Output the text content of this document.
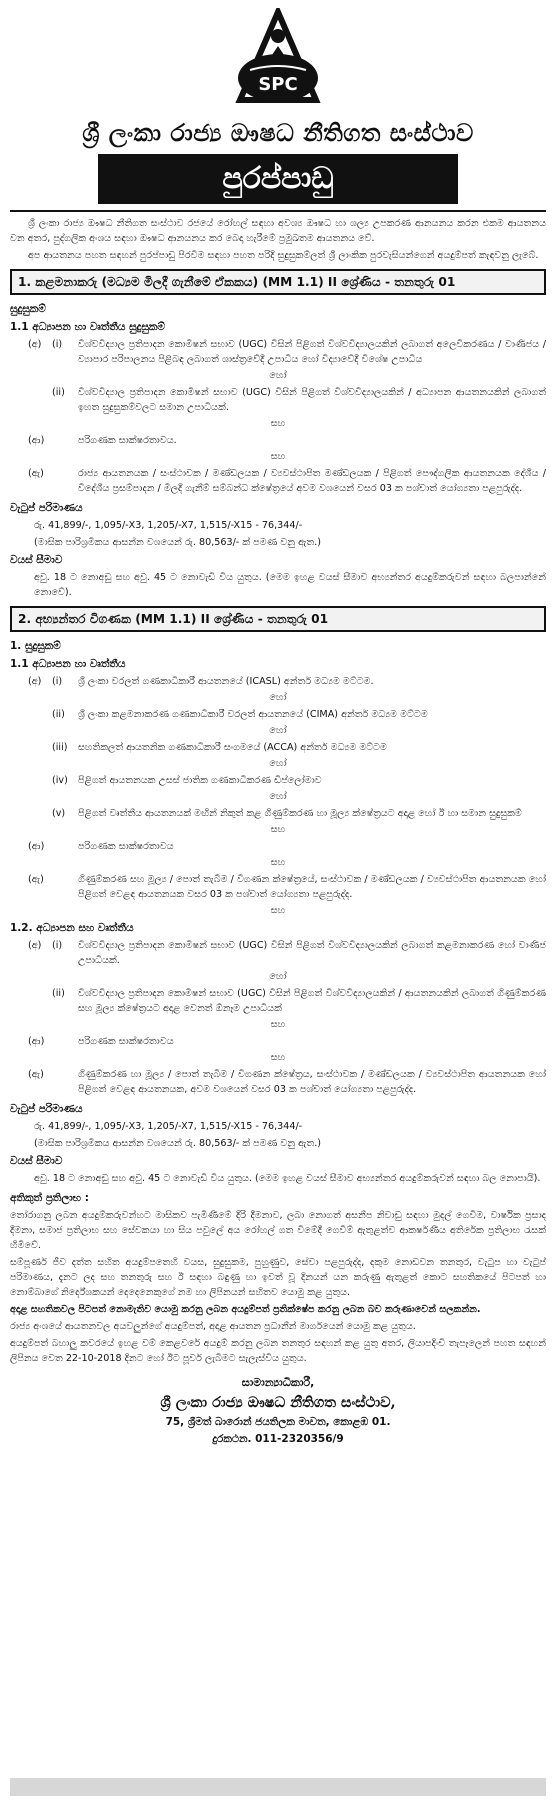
SPC
ශ්‍රී ලංකා රාජ්‍ය ඖෂධ නීතිගත සංස්ථාව
පුරප්පාඩු

ශ්‍රී ලංකා රාජ්‍ය ඖෂධ නීතිගත සංස්ථාව රජයේ රෝහල් සඳහා අවශ්‍ය ඖෂධ හා ශල්‍ය උපකරණ ආනයනය කරන එකම ආයතනය වන අතර, පුද්ගලික අංශය සඳහා ඖෂධ ආනයනය කර බෙදා හැරීමේ ප්‍රමුඛතම ආයතනය වේ.

අප ආයතනය පහත සඳහන් පුරප්පාඩු පිරවීම සඳහා පහත පරිදි සුදුසුකම්ලත් ශ්‍රී ලාංකික පුරවැසියන්ගෙන් අයදුම්පත් කැඳවනු ලැබේ.

1. කළමනාකරු (මධ්‍යම මිලදී ගැනීමේ ඒකකය) (MM 1.1) II ශ්‍රේණිය - තනතුරු 01
සුදුසුකම්
1.1 අධ්‍යාපන හා වෘත්තීය සුදුසුකම්
(අ)	(i)	විශ්වවිද්‍යාල ප්‍රතිපාදන කොමිෂන් සභාව (UGC) විසින් පිළිගත් විශ්වවිද්‍යාලයකින් ලබාගත් අලෙවිකරණය / වාණිජය / ව්‍යාපාර පරිපාලනය පිළිබඳ ලබාගත් ශාස්ත්‍රවේදී උපාධිය හෝ විද්‍යාවේදී විශේෂ උපාධිය
හෝ
(ii)	විශ්වවිද්‍යාල ප්‍රතිපාදන කොමිෂන් සභාව (UGC) විසින් පිළිගත් විශ්වවිද්‍යාලයකින් / අධ්‍යාපන ආයතනයකින් ලබාගත් ඉහත සුදුසුකම්වලට සමාන උපාධියක්.
සහ
(ආ)	පරිගණක සාක්ෂරතාවය.
සහ
(ඇ)	රාජ්‍ය ආයතනයක / සංස්ථාවක / මණ්ඩලයක / ව්‍යවස්ථාපිත මණ්ඩලයක / පිළිගත් පෞද්ගලික ආයතනයක දේශීය / විදේශීය ප්‍රසම්පාදන / මිලදී ගැනීම් සම්බන්ධ ක්ෂේත්‍රයේ අවම වශයෙන් වසර 03 ක පශ්චාත් යෝග්‍යතා පළපුරුද්ද.
වැටුප් පරිමාණය
රු. 41,899/-, 1,095/-X3, 1,205/-X7, 1,515/-X15 - 76,344/-
(මාසික පාරිශ්‍රමිකය ආසන්න වශයෙන් රු. 80,563/- ක් පමණ වනු ඇත.)
වයස් සීමාව
අවු. 18 ට නොඅඩු සහ අවු. 45 ට නොවැඩි විය යුතුය. (මෙම ඉහළ වයස් සීමාව අභ්‍යන්තර අයදුම්කරුවන් සඳහා බලපාන්නේ නොවේ).
2. අභ්‍යන්තර විගණක (MM 1.1) II ශ්‍රේණිය - තනතුරු 01
1. සුදුසුකම්
1.1 අධ්‍යාපන හා වෘත්තීය
(අ)	(i)	ශ්‍රී ලංකා වරලත් ගණකාධිකාරී ආයතනයේ (ICASL) අන්තර් මධ්‍යම මට්ටම.
හෝ
(ii)	ශ්‍රී ලංකා කළමනාකරණ ගණකාධිකාරී වරලත් ආයතනයේ (CIMA) අන්තර් මධ්‍යම මට්ටම
හෝ
(iii)	සහතිකලත් ආයතනික ගණකාධිකාරී සංගමයේ (ACCA) අන්තර් මධ්‍යම මට්ටම
හෝ
(iv)	පිළිගත් ආයතනයක උසස් ජාතික ගණකාධිකරණ ඩිප්ලෝමාව
හෝ
(v)	පිළිගත් වෘත්තීය ආයතනයක් මඟින් නිකුත් කළ ගිණුම්කරණ හා මූල්‍ය ක්ෂේත්‍රයට අදාළ හෝ ඊ හා සමාන සුදුසුකම්
සහ
(ආ)	පරිගණක සාක්ෂරතාවය
සහ
(ඇ)	ගිණුම්කරණ සහ මූල්‍ය / පොත් තැබීම / විගණන ක්ෂේත්‍රයේ, සංස්ථාවක / මණ්ඩලයක / ව්‍යවස්ථාපිත ආයතනයක හෝ පිළිගත් වෙළඳ ආයතනයක වසර 03 ක පශ්චාත් යෝග්‍යතා පළපුරුද්ද.
සහ
1.2. අධ්‍යාපන සහ වෘත්තීය
(අ)	(i)	විශ්වවිද්‍යාල ප්‍රතිපාදන කොමිෂන් සභාව (UGC) විසින් පිළිගත් විශ්වවිද්‍යාලයකින් ලබාගත් කළමනාකරණ හෝ වාණිජ උපාධියක්.
හෝ
(ii)	විශ්වවිද්‍යාල ප්‍රතිපාදන කොමිෂන් සභාව (UGC) විසින් පිළිගත් විශ්වවිද්‍යාලයකින් / ආයතනයකින් ලබාගත් ගිණුම්කරණ සහ මූල්‍ය ක්ෂේත්‍රයට අදාළ වෙනත් ඕනෑම උපාධියක්
සහ
(ආ)	පරිගණක සාක්ෂරතාවය
සහ
(ඇ)	ගිණුම්කරණ හා මූල්‍ය / පොත් තැබීම / විගණන ක්ෂේත්‍රය, සංස්ථාවක / මණ්ඩලයක / ව්‍යවස්ථාපිත ආයතනයක හෝ පිළිගත් වෙළඳ ආයතනයක, අවම වශයෙන් වසර 03 ක පශ්චාත් යෝග්‍යතා පළපුරුද්ද.
වැටුප් පරිමාණය
රු. 41,899/-, 1,095/-X3, 1,205/-X7, 1,515/-X15 - 76,344/-
(මාසික පාරිශ්‍රමිකය ආසන්න වශයෙන් රු. 80,563/- ක් පමණ වනු ඇත.)
වයස් සීමාව
අවු. 18 ට නොඅඩු සහ අවු. 45 ට නොවැඩි විය යුතුය. (මෙම ඉහළ වයස් සීමාව අභ්‍යන්තර අයදුම්කරුවන් සඳහා බල නොපායි).
අතිකුත් ප්‍රතිලාභ :

තෝරාගනු ලබන අයදුම්කරුවන්හට මාසිකව පැමිණීමේ දිරි දීමනාව, ලබා නොගත් අසනීප නිවාඩු සඳහා මුදල් ගෙවීම, වාර්ෂික ප්‍රසාද දීමනා, සමාජ ප්‍රතිලාභ සහ සේවකයා හා සිය පවුලේ අය රෝහල් ගත වීමේදී ගෙවීම් ඇතුළත්ව ආකර්ෂණීය අතිරේක ප්‍රතිලාභ රැසක් හිමිවේ.

සම්පූර්ණ ජීව දත්ත සහිත අයදුම්පතෙහි වයස, සුදුසුකම, පුහුණුව, සේවා පළපුරුද්ද, දකුම නොඩවන තනතුර, වැටුප හා වැටුප් පරිමාණය, දැනට ලද සහ තනතුරු සහ ඊ සඳහා බඳුණු හා ඉවත් වූ දිනයන් යන කරුණු ඇතුළත් කොට සහතිකයේ පිටපත් හා නොම්බාගේ නිර්දේශකයන් දෙදෙනෙකුගේ නම හා ලිපිනයන් සහිතව යොමු කළ යුතුය.

අදාළ සහතිකවල පිටපත් නොමැතිව යොමු කරනු ලබන අයදුම්පත් ප්‍රතික්ෂේප කරනු ලබන බව කරුණාවෙන් සලකන්න.

රාජ්‍ය අංශයේ ආයතනවල අයවලුන්ගේ අයදුම්පත්, අදාළ ආයතන ප්‍රධානීන් මාර්ගයෙන් යොමු කළ යුතුය.

අයදුම්පත් බහාලු කවරයේ ඉහළ වම් කෙළවරේ අයදුම් කරනු ලබන තනතුර සඳහන් කළ යුතු අතර, ලියාපදිංචි තැපෑලෙන් පහත සඳහන් ලිපිනය වෙත 22-10-2018 දිනට හෝ ඊට පූර්ව ලැබීමට සැලැස්විය යුතුය.

සාමාන්‍යාධිකාරී,
ශ්‍රී ලංකා රාජ්‍ය ඖෂධ නීතිගත සංස්ථාව,
75, ශ්‍රීමත් බාරොන් ජයතිලක මාවත, කොළඹ 01.
දුරකථන. 011-2320356/9
